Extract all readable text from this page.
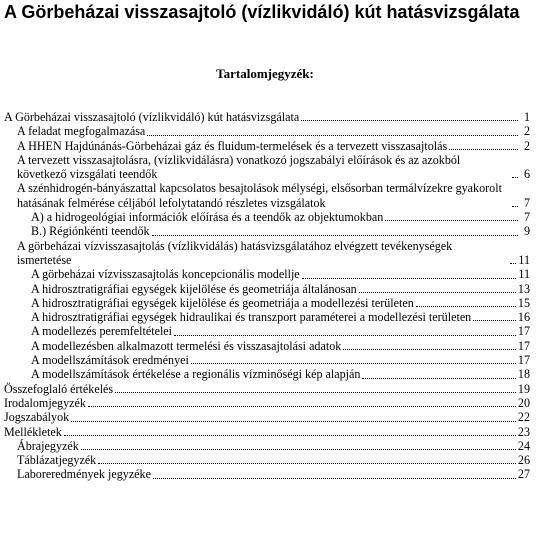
A Görbeházai visszasajtoló (vízlikvidáló) kút hatásvizsgálata
Tartalomjegyzék:
A Görbeházai visszasajtoló (vízlikvidáló) kút hatásvizsgálata	1
A feladat megfogalmazása	2
A HHEN Hajdúnánás-Görbeházai gáz és fluidum-termelések és a tervezett visszasajtolás	2
A tervezett visszasajtolásra, (vízlikvidálásra) vonatkozó jogszabályi előírások és az azokból következő vizsgálati teendők	6
A szénhidrogén-bányászattal kapcsolatos besajtolások mélységi, elsősorban termálvízekre gyakorolt hatásának felmérése céljából lefolytatandó részletes vizsgálatok	7
A) a hidrogeológiai információk előírása és a teendők az objektumokban	7
B.) Régiónkénti teendők	9
A görbeházai vízvisszasajtolás (vízlikvidálás) hatásvizsgálatához elvégzett tevékenységek ismertetése	11
A görbeházai vízvisszasajtolás koncepcionális modellje	11
A hidrosztratigráfiai egységek kijelölése és geometriája általánosan	13
A hidrosztratigráfiai egységek kijelölése és geometriája a modellezési területen	15
A hidrosztratigráfiai egységek hidraulikai és transzport paraméterei a modellezési területen	16
A modellezés peremfeltételei	17
A modellezésben alkalmazott termelési és visszasajtolási adatok	17
A modellszámítások eredményei	17
A modellszámítások értékelése a regionális vízminőségi kép alapján	18
Összefoglaló értékelés	19
Irodalomjegyzék	20
Jogszabályok	22
Mellékletek	23
Ábrajegyzék	24
Táblázatjegyzék	26
Laboreredmények jegyzéke	27
